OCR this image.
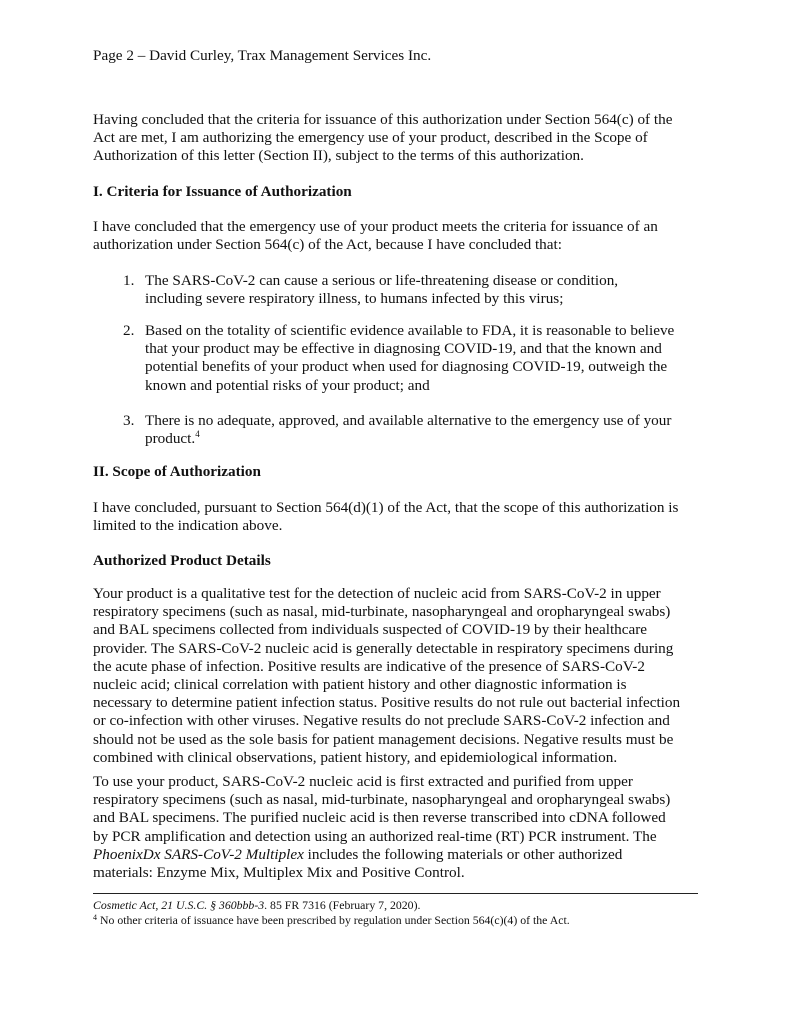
Page 2 – David Curley, Trax Management Services Inc.
Having concluded that the criteria for issuance of this authorization under Section 564(c) of the
Act are met, I am authorizing the emergency use of your product, described in the Scope of
Authorization of this letter (Section II), subject to the terms of this authorization.
I. Criteria for Issuance of Authorization
I have concluded that the emergency use of your product meets the criteria for issuance of an
authorization under Section 564(c) of the Act, because I have concluded that:
1. The SARS-CoV-2 can cause a serious or life-threatening disease or condition,
including severe respiratory illness, to humans infected by this virus;
2. Based on the totality of scientific evidence available to FDA, it is reasonable to believe
that your product may be effective in diagnosing COVID-19, and that the known and
potential benefits of your product when used for diagnosing COVID-19, outweigh the
known and potential risks of your product; and
3. There is no adequate, approved, and available alternative to the emergency use of your
product.$^4$
II. Scope of Authorization
I have concluded, pursuant to Section 564(d)(1) of the Act, that the scope of this authorization is
limited to the indication above.
Authorized Product Details
Your product is a qualitative test for the detection of nucleic acid from SARS-CoV-2 in upper
respiratory specimens (such as nasal, mid-turbinate, nasopharyngeal and oropharyngeal swabs)
and BAL specimens collected from individuals suspected of COVID-19 by their healthcare
provider. The SARS-CoV-2 nucleic acid is generally detectable in respiratory specimens during
the acute phase of infection. Positive results are indicative of the presence of SARS-CoV-2
nucleic acid; clinical correlation with patient history and other diagnostic information is
necessary to determine patient infection status. Positive results do not rule out bacterial infection
or co-infection with other viruses. Negative results do not preclude SARS-CoV-2 infection and
should not be used as the sole basis for patient management decisions. Negative results must be
combined with clinical observations, patient history, and epidemiological information.
To use your product, SARS-CoV-2 nucleic acid is first extracted and purified from upper
respiratory specimens (such as nasal, mid-turbinate, nasopharyngeal and oropharyngeal swabs)
and BAL specimens. The purified nucleic acid is then reverse transcribed into cDNA followed
by PCR amplification and detection using an authorized real-time (RT) PCR instrument. The
PhoenixDx SARS-CoV-2 Multiplex includes the following materials or other authorized
materials: Enzyme Mix, Multiplex Mix and Positive Control.
Cosmetic Act, 21 U.S.C. § 360bbb-3. 85 FR 7316 (February 7, 2020).
$^4$ No other criteria of issuance have been prescribed by regulation under Section 564(c)(4) of the Act.
